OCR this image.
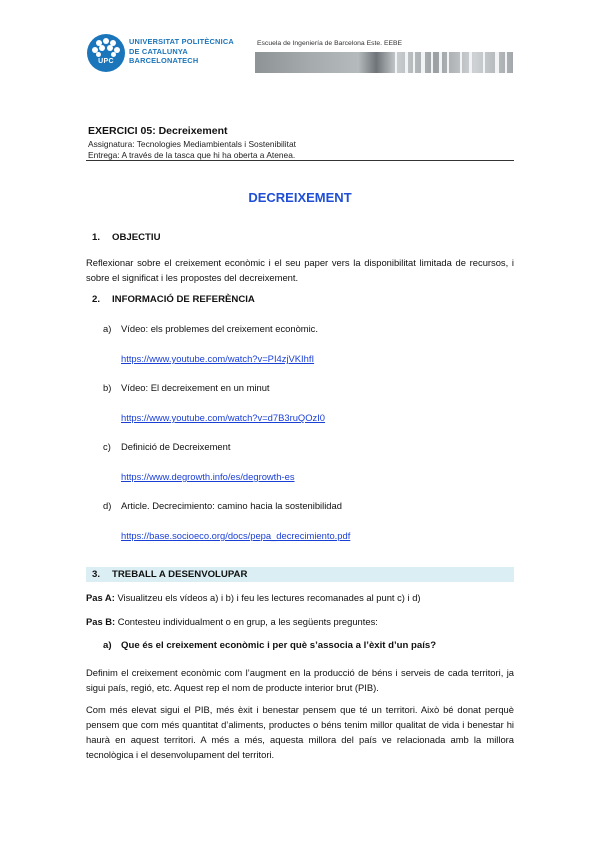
UPC
UNIVERSITAT POLITÈCNICA
DE CATALUNYA
BARCELONATECH
Escuela de Ingeniería de Barcelona Este. EEBE
EXERCICI 05: Decreixement
Assignatura: Tecnologies Mediambientals i Sostenibilitat
Entrega: A través de la tasca que hi ha oberta a Atenea.
DECREIXEMENT
1. OBJECTIU
Reflexionar sobre el creixement econòmic i el seu paper vers la disponibilitat limitada de recursos, i sobre el significat i les propostes del decreixement.
2. INFORMACIÓ DE REFERÈNCIA
a) Vídeo: els problemes del creixement econòmic.
https://www.youtube.com/watch?v=PI4zjVKIhfI
b) Vídeo: El decreixement en un minut
https://www.youtube.com/watch?v=d7B3ruQOzI0
c) Definició de Decreixement
https://www.degrowth.info/es/degrowth-es
d) Article. Decrecimiento: camino hacia la sostenibilidad
https://base.socioeco.org/docs/pepa_decrecimiento.pdf
3. TREBALL A DESENVOLUPAR
Pas A: Visualitzeu els vídeos a) i b) i feu les lectures recomanades al punt c) i d)
Pas B: Contesteu individualment o en grup, a les següents preguntes:
a) Que és el creixement econòmic i per què s’associa a l’èxit d’un país?
Definim el creixement econòmic com l’augment en la producció de béns i serveis de cada territori, ja sigui país, regió, etc. Aquest rep el nom de producte interior brut (PIB).
Com més elevat sigui el PIB, més èxit i benestar pensem que té un territori. Això bé donat perquè pensem que com més quantitat d’aliments, productes o béns tenim millor qualitat de vida i benestar hi haurà en aquest territori. A més a més, aquesta millora del país ve relacionada amb la millora tecnològica i el desenvolupament del territori.
